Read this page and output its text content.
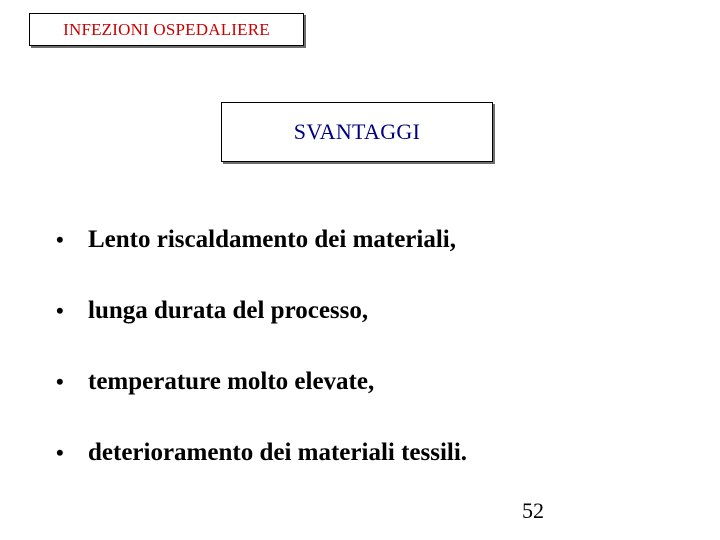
INFEZIONI OSPEDALIERE
SVANTAGGI
• Lento riscaldamento dei materiali,
• lunga durata del processo,
• temperature molto elevate,
• deterioramento dei materiali tessili.
52
